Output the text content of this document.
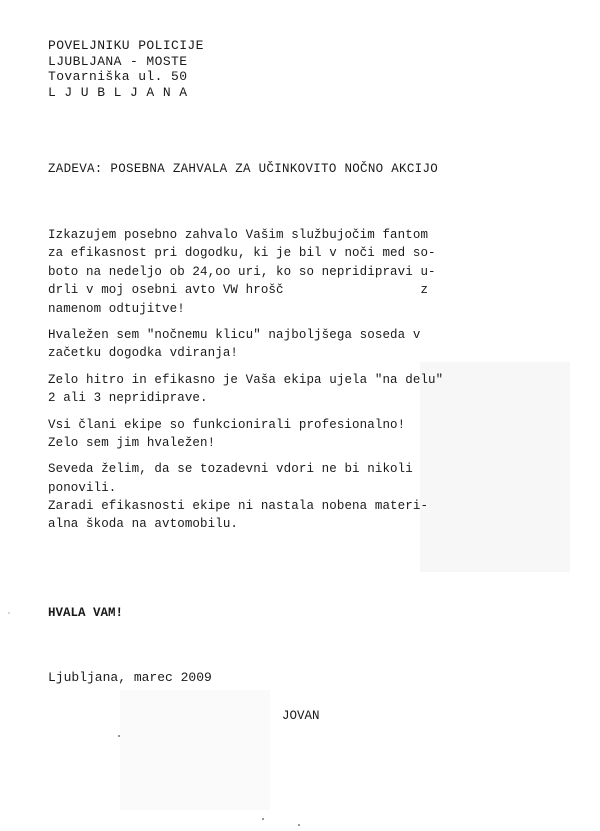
POVELJNIKU POLICIJE
LJUBLJANA - MOSTE
Tovarniška ul. 50
L J U B L J A N A
ZADEVA: POSEBNA ZAHVALA ZA UČINKOVITO NOČNO AKCIJO
Izkazujem posebno zahvalo Vašim službujočim fantom
za efikasnost pri dogodku, ki je bil v noči med so-
boto na nedeljo ob 24,oo uri, ko so nepridipravi u-
drli v moj osebni avto VW hrošč                  z
namenom odtujitve!
Hvaležen sem "nočnemu klicu" najboljšega soseda v
začetku dogodka vdiranja!
Zelo hitro in efikasno je Vaša ekipa ujela "na delu"
2 ali 3 nepridiprave.
Vsi člani ekipe so funkcionirali profesionalno!
Zelo sem jim hvaležen!
Seveda želim, da se tozadevni vdori ne bi nikoli
ponovili.
Zaradi efikasnosti ekipe ni nastala nobena materi-
alna škoda na avtomobilu.
HVALA VAM!
Ljubljana, marec 2009
JOVAN
